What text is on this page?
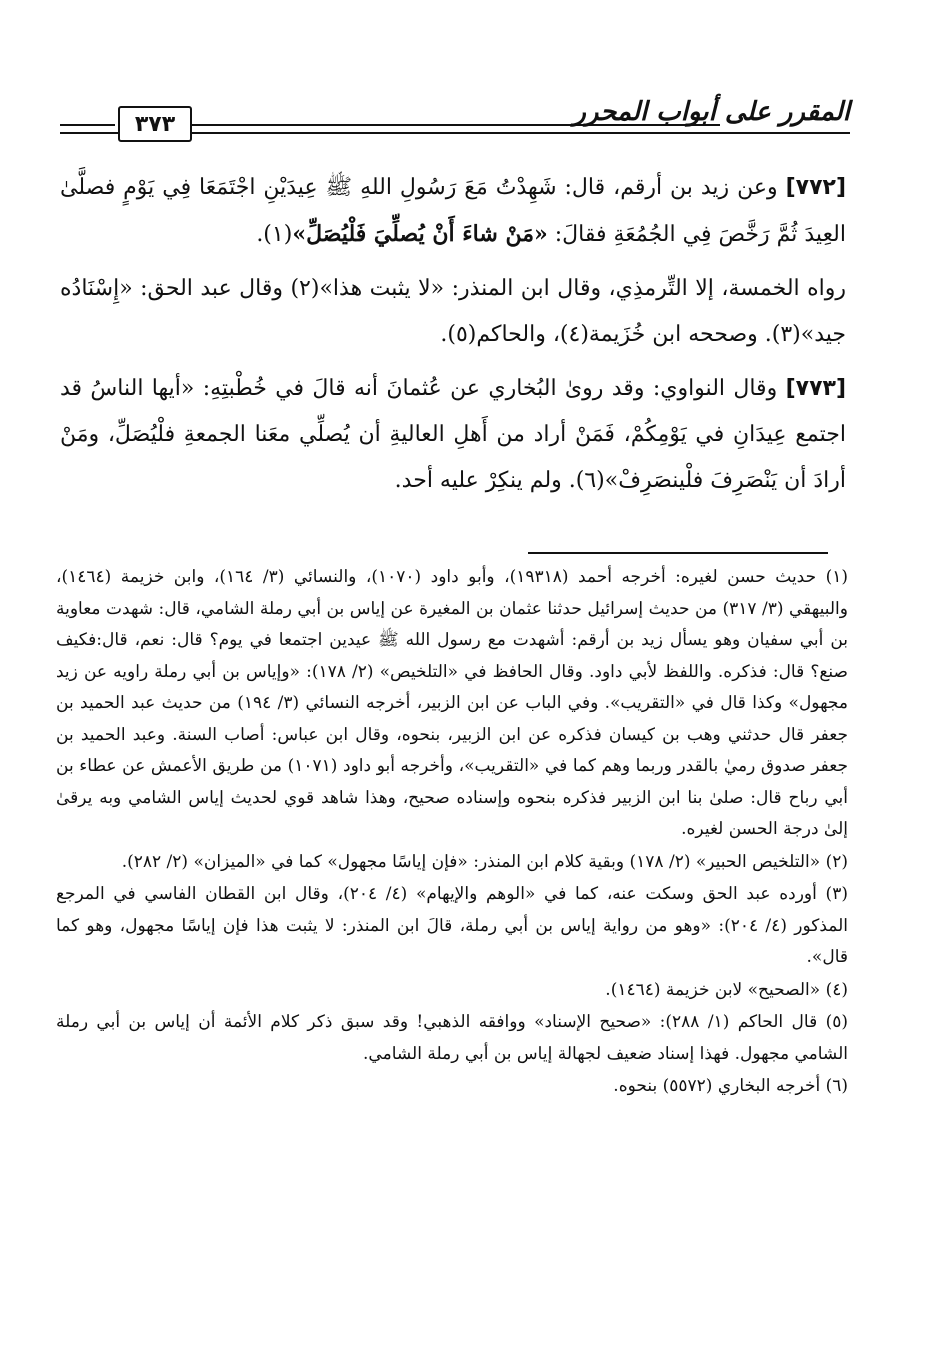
٣٧٣	المقرر على أبواب المحرر

[٧٧٢] وعن زيد بن أرقم، قال: شَهِدْتُ مَعَ رَسُولِ اللهِ ﷺ عِيدَيْنِ اجْتَمَعَا فِي يَوْمٍ فصلَّىٰ العِيدَ ثُمَّ رَخَّصَ فِي الجُمُعَةِ فقالَ: «مَنْ شاءَ أَنْ يُصلِّيَ فَلْيُصَلِّ»(١).

رواه الخمسة، إلا التِّرمذِي، وقال ابن المنذر: «لا يثبت هذا»(٢) وقال عبد الحق: «إِسْنَادُه جيد»(٣). وصححه ابن خُزَيمة(٤)، والحاكم(٥).

[٧٧٣] وقال النواوي: وقد روىٰ البُخاري عن عُثمانَ أنه قالَ في خُطْبتِهِ: «أيها الناسُ قد اجتمع عِيدَانِ في يَوْمِكُمْ، فَمَنْ أراد من أَهلِ العاليةِ أن يُصلِّي معَنا الجمعةِ فلْيُصَلِّ، ومَنْ أرادَ أن يَنْصَرِفَ فلْينصَرِفْ»(٦). ولم ينكِرْ عليه أحد.

(١) حديث حسن لغيره: أخرجه أحمد (١٩٣١٨)، وأبو داود (١٠٧٠)، والنسائي (٣/ ١٦٤)، وابن خزيمة (١٤٦٤)، والبيهقي (٣/ ٣١٧) من حديث إسرائيل حدثنا عثمان بن المغيرة عن إياس بن أبي رملة الشامي، قال: شهدت معاوية بن أبي سفيان وهو يسأل زيد بن أرقم: أشهدت مع رسول الله ﷺ عيدين اجتمعا في يوم؟ قال: نعم، قال:فكيف صنع؟ قال: فذكره. واللفظ لأبي داود. وقال الحافظ في «التلخيص» (٢/ ١٧٨): «وإياس بن أبي رملة راويه عن زيد مجهول» وكذا قال في «التقريب». وفي الباب عن ابن الزبير، أخرجه النسائي (٣/ ١٩٤) من حديث عبد الحميد بن جعفر قال حدثني وهب بن كيسان فذكره عن ابن الزبير، بنحوه، وقال ابن عباس: أصاب السنة. وعبد الحميد بن جعفر صدوق رميٰ بالقدر وربما وهم كما في «التقريب»، وأخرجه أبو داود (١٠٧١) من طريق الأعمش عن عطاء بن أبي رباح قال: صلىٰ بنا ابن الزبير فذكره بنحوه وإسناده صحيح، وهذا شاهد قوي لحديث إياس الشامي وبه يرقىٰ إلىٰ درجة الحسن لغيره.

(٢) «التلخيص الحبير» (٢/ ١٧٨) وبقية كلام ابن المنذر: «فإن إياسًا مجهول» كما في «الميزان» (٢/ ٢٨٢).

(٣) أورده عبد الحق وسكت عنه، كما في «الوهم والإيهام» (٤/ ٢٠٤)، وقال ابن القطان الفاسي في المرجع المذكور (٤/ ٢٠٤): «وهو من رواية إياس بن أبي رملة، قالَ ابن المنذر: لا يثبت هذا فإن إياسًا مجهول، وهو كما قال».

(٤) «الصحيح» لابن خزيمة (١٤٦٤).

(٥) قال الحاكم (١/ ٢٨٨): «صحيح الإسناد» ووافقه الذهبي! وقد سبق ذكر كلام الأئمة أن إياس بن أبي رملة الشامي مجهول. فهذا إسناد ضعيف لجهالة إياس بن أبي رملة الشامي.

(٦) أخرجه البخاري (٥٥٧٢) بنحوه.
